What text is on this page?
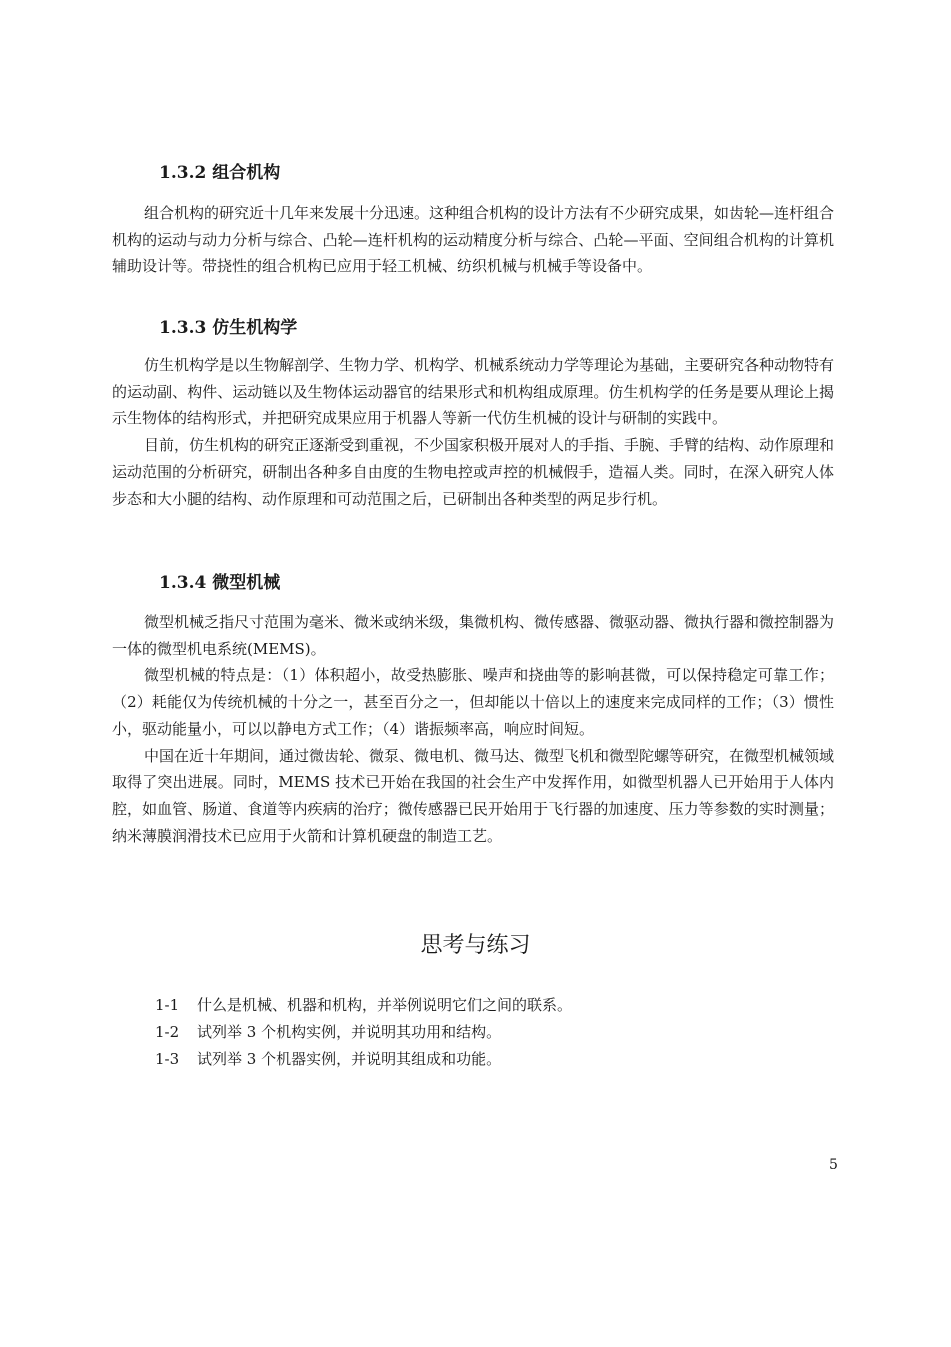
1.3.2 组合机构

组合机构的研究近十几年来发展十分迅速。这种组合机构的设计方法有不少研究成果，如齿轮—连杆组合机构的运动与动力分析与综合、凸轮—连杆机构的运动精度分析与综合、凸轮—平面、空间组合机构的计算机辅助设计等。带挠性的组合机构已应用于轻工机械、纺织机械与机械手等设备中。

1.3.3 仿生机构学

仿生机构学是以生物解剖学、生物力学、机构学、机械系统动力学等理论为基础，主要研究各种动物特有的运动副、构件、运动链以及生物体运动器官的结果形式和机构组成原理。仿生机构学的任务是要从理论上揭示生物体的结构形式，并把研究成果应用于机器人等新一代仿生机械的设计与研制的实践中。

目前，仿生机构的研究正逐渐受到重视，不少国家积极开展对人的手指、手腕、手臂的结构、动作原理和运动范围的分析研究，研制出各种多自由度的生物电控或声控的机械假手，造福人类。同时，在深入研究人体步态和大小腿的结构、动作原理和可动范围之后，已研制出各种类型的两足步行机。

1.3.4 微型机械

微型机械乏指尺寸范围为毫米、微米或纳米级，集微机构、微传感器、微驱动器、微执行器和微控制器为一体的微型机电系统(MEMS)。

微型机械的特点是：（1）体积超小，故受热膨胀、噪声和挠曲等的影响甚微，可以保持稳定可靠工作；（2）耗能仅为传统机械的十分之一，甚至百分之一，但却能以十倍以上的速度来完成同样的工作；（3）惯性小，驱动能量小，可以以静电方式工作；（4）谐振频率高，响应时间短。

中国在近十年期间，通过微齿轮、微泵、微电机、微马达、微型飞机和微型陀螺等研究，在微型机械领域取得了突出进展。同时，MEMS 技术已开始在我国的社会生产中发挥作用，如微型机器人已开始用于人体内腔，如血管、肠道、食道等内疾病的治疗；微传感器已民开始用于飞行器的加速度、压力等参数的实时测量；纳米薄膜润滑技术已应用于火箭和计算机硬盘的制造工艺。

思考与练习
1-1	什么是机械、机器和机构，并举例说明它们之间的联系。
1-2	试列举 3 个机构实例，并说明其功用和结构。
1-3	试列举 3 个机器实例，并说明其组成和功能。
5
